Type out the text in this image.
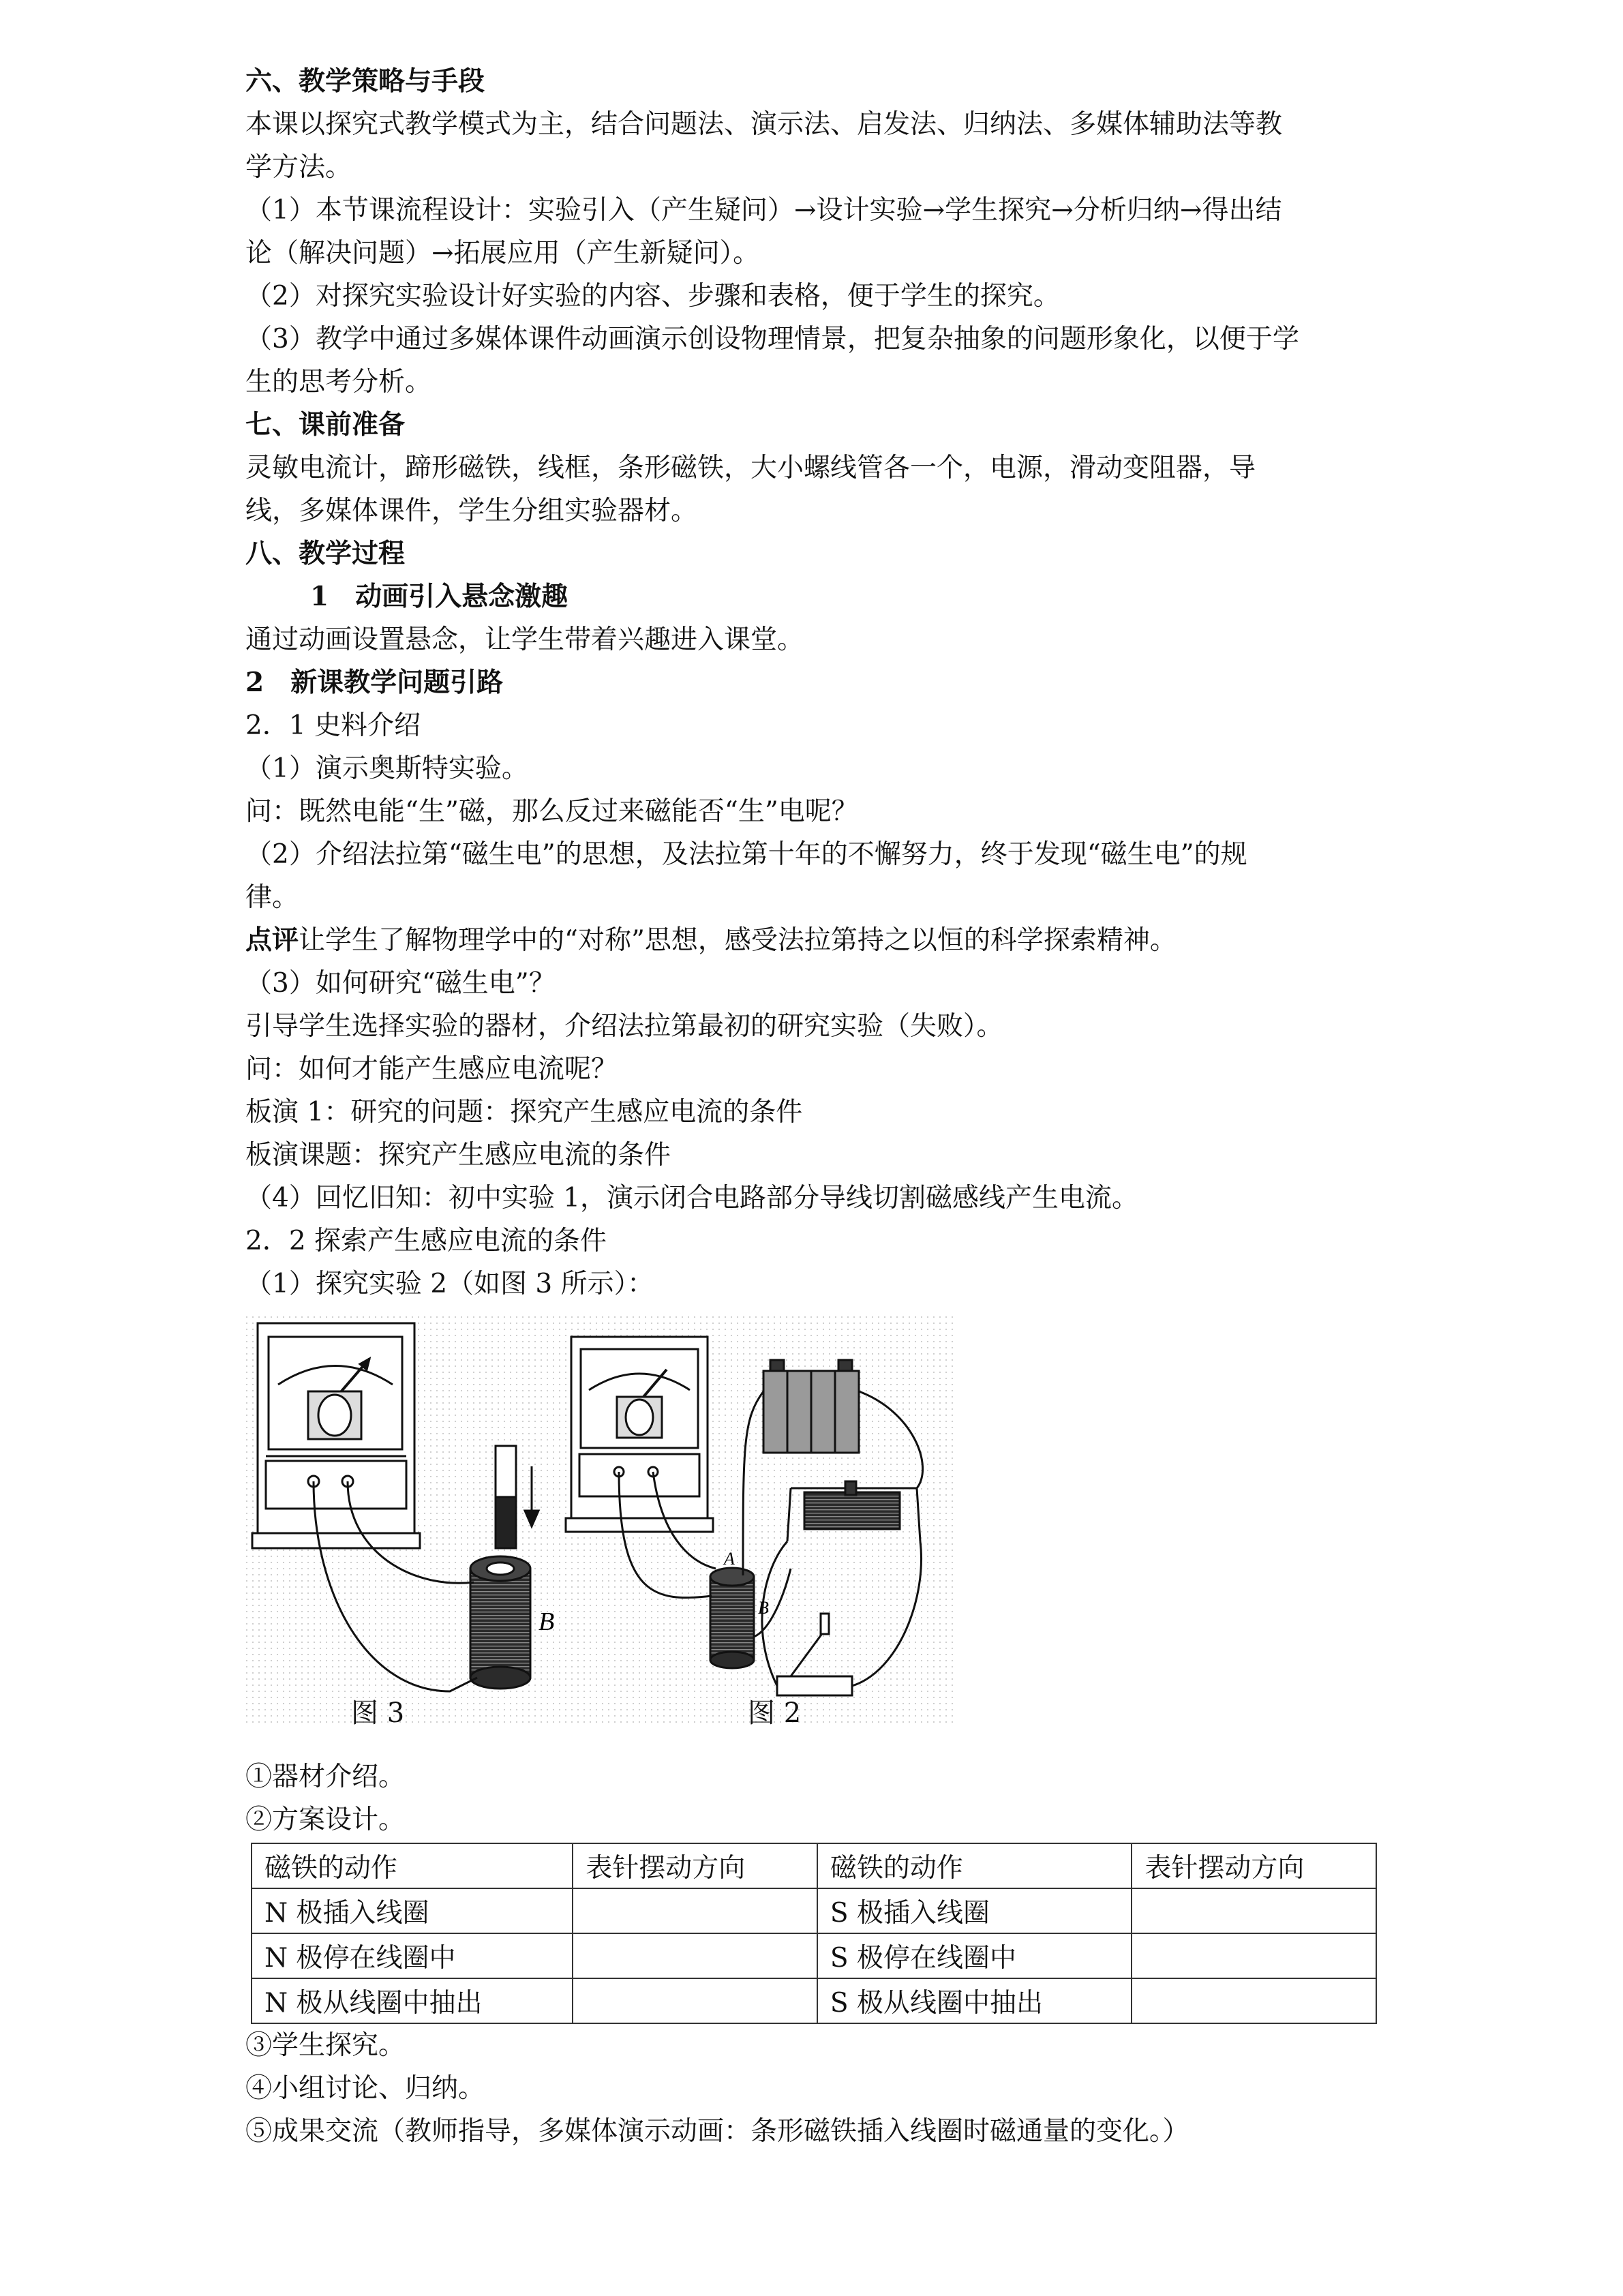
六、教学策略与手段

本课以探究式教学模式为主，结合问题法、演示法、启发法、归纳法、多媒体辅助法等教

学方法。

（1）本节课流程设计：实验引入（产生疑问）→设计实验→学生探究→分析归纳→得出结

论（解决问题）→拓展应用（产生新疑问）。

（2）对探究实验设计好实验的内容、步骤和表格，便于学生的探究。

（3）教学中通过多媒体课件动画演示创设物理情景，把复杂抽象的问题形象化，以便于学

生的思考分析。

七、课前准备

灵敏电流计，蹄形磁铁，线框，条形磁铁，大小螺线管各一个，电源，滑动变阻器，导

线，多媒体课件，学生分组实验器材。

八、教学过程

1　动画引入悬念激趣

通过动画设置悬念，让学生带着兴趣进入课堂。

2　新课教学问题引路

2．1 史料介绍

（1）演示奥斯特实验。

问：既然电能“生”磁，那么反过来磁能否“生”电呢？

（2）介绍法拉第“磁生电”的思想，及法拉第十年的不懈努力，终于发现“磁生电”的规

律。

点评让学生了解物理学中的“对称”思想，感受法拉第持之以恒的科学探索精神。

（3）如何研究“磁生电”？

引导学生选择实验的器材，介绍法拉第最初的研究实验（失败）。

问：如何才能产生感应电流呢？

板演 1：研究的问题：探究产生感应电流的条件

板演课题：探究产生感应电流的条件

（4）回忆旧知：初中实验 1，演示闭合电路部分导线切割磁感线产生电流。

2．2 探索产生感应电流的条件

（1）探究实验 2（如图 3 所示）：

B
A
B
图 3	图 2

①器材介绍。

②方案设计。

磁铁的动作	表针摆动方向	磁铁的动作	表针摆动方向
N 极插入线圈		S 极插入线圈	
N 极停在线圈中		S 极停在线圈中	
N 极从线圈中抽出		S 极从线圈中抽出	

③学生探究。

④小组讨论、归纳。

⑤成果交流（教师指导，多媒体演示动画：条形磁铁插入线圈时磁通量的变化。）
